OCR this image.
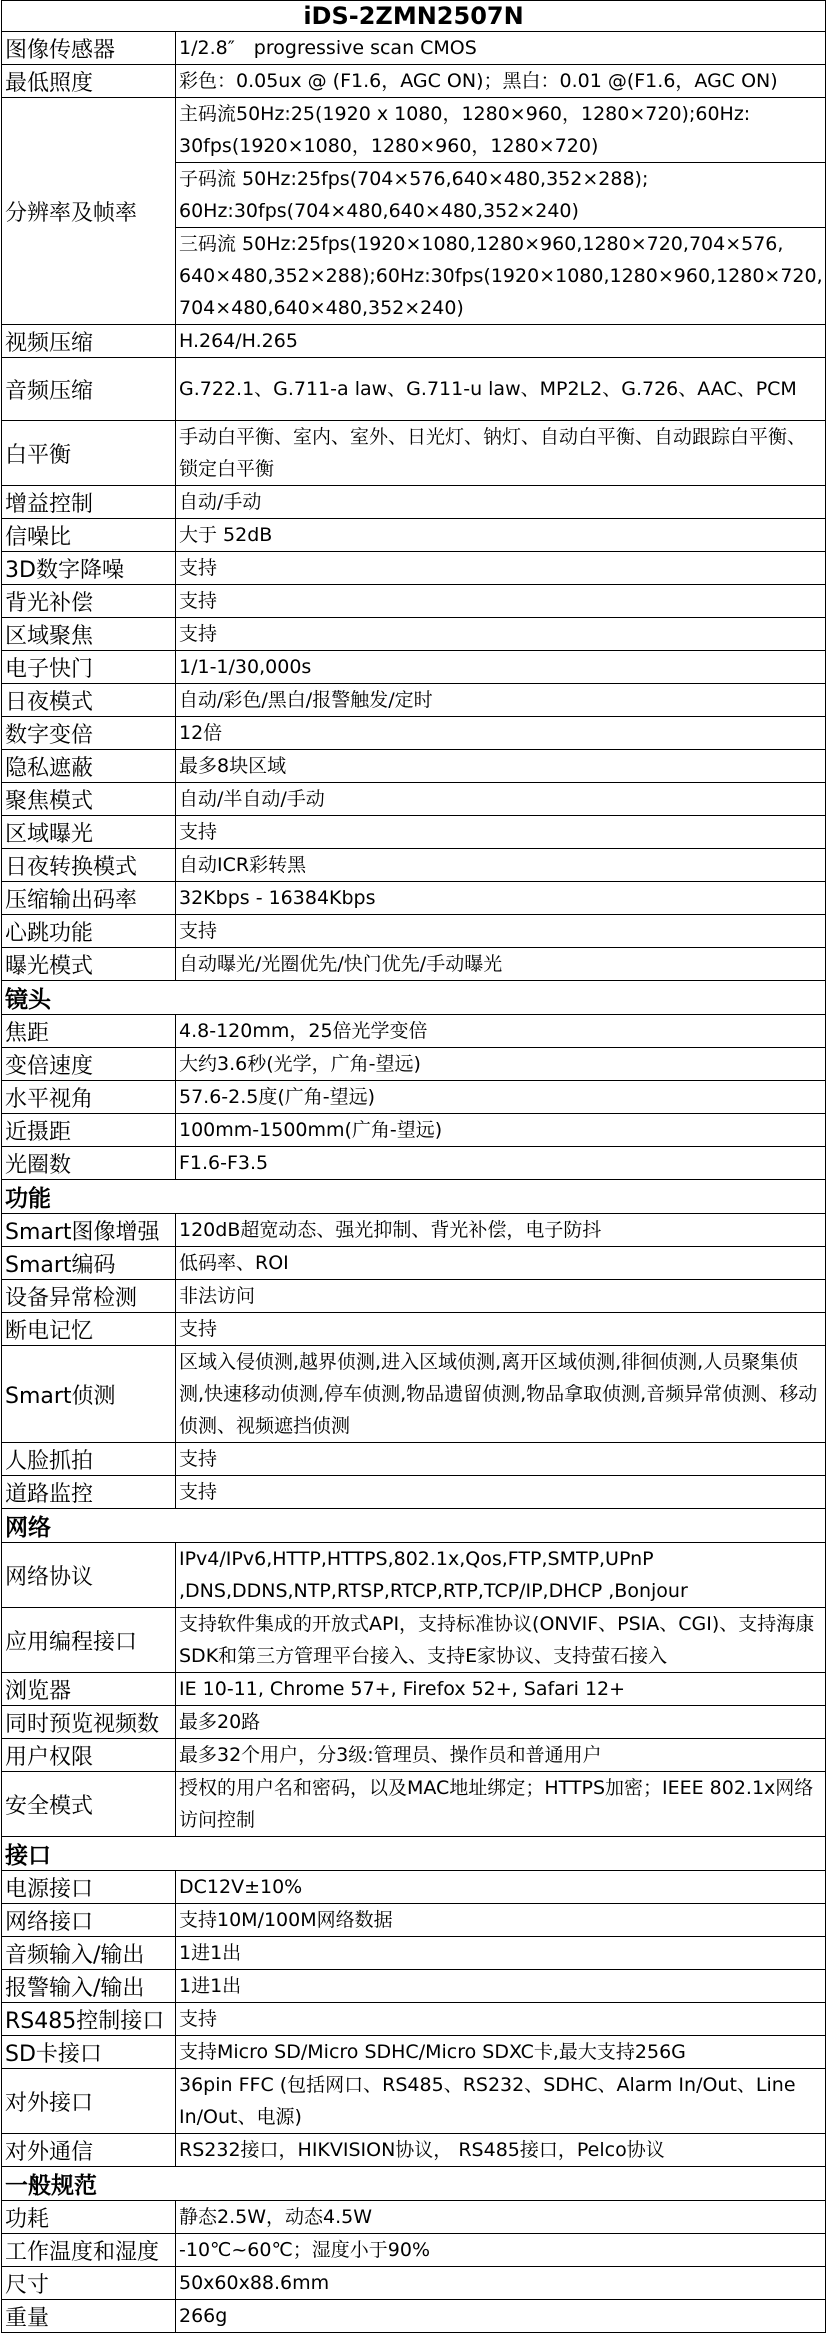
iDS-2ZMN2507N	
图像传感器	1/2.8″　progressive scan CMOS
最低照度	彩色：0.05ux @ (F1.6，AGC ON)；黑白：0.01 @(F1.6，AGC ON)
分辨率及帧率	主码流50Hz:25(1920 x 1080，1280×960，1280×720);60Hz: 30fps(1920×1080，1280×960，1280×720)
	子码流 50Hz:25fps(704×576,640×480,352×288); 60Hz:30fps(704×480,640×480,352×240)
	三码流 50Hz:25fps(1920×1080,1280×960,1280×720,704×576, 640×480,352×288);60Hz:30fps(1920×1080,1280×960,1280×720, 704×480,640×480,352×240)
视频压缩	H.264/H.265
音频压缩	G.722.1、G.711-a law、G.711-u law、MP2L2、G.726、AAC、PCM
白平衡	手动白平衡、室内、室外、日光灯、钠灯、自动白平衡、自动跟踪白平衡、锁定白平衡
增益控制	自动/手动
信噪比	大于 52dB
3D数字降噪	支持
背光补偿	支持
区域聚焦	支持
电子快门	1/1-1/30,000s
日夜模式	自动/彩色/黑白/报警触发/定时
数字变倍	12倍
隐私遮蔽	最多8块区域
聚焦模式	自动/半自动/手动
区域曝光	支持
日夜转换模式	自动ICR彩转黑
压缩输出码率	32Kbps - 16384Kbps
心跳功能	支持
曝光模式	自动曝光/光圈优先/快门优先/手动曝光
镜头	
焦距	4.8-120mm，25倍光学变倍
变倍速度	大约3.6秒(光学，广角-望远)
水平视角	57.6-2.5度(广角-望远)
近摄距	100mm-1500mm(广角-望远)
光圈数	F1.6-F3.5
功能	
Smart图像增强	120dB超宽动态、强光抑制、背光补偿，电子防抖
Smart编码	低码率、ROI
设备异常检测	非法访问
断电记忆	支持
Smart侦测	区域入侵侦测,越界侦测,进入区域侦测,离开区域侦测,徘徊侦测,人员聚集侦测,快速移动侦测,停车侦测,物品遗留侦测,物品拿取侦测,音频异常侦测、移动侦测、视频遮挡侦测
人脸抓拍	支持
道路监控	支持
网络	
网络协议	IPv4/IPv6,HTTP,HTTPS,802.1x,Qos,FTP,SMTP,UPnP ,DNS,DDNS,NTP,RTSP,RTCP,RTP,TCP/IP,DHCP ,Bonjour
应用编程接口	支持软件集成的开放式API，支持标准协议(ONVIF、PSIA、CGI)、支持海康SDK和第三方管理平台接入、支持E家协议、支持萤石接入
浏览器	IE 10-11, Chrome 57+, Firefox 52+, Safari 12+
同时预览视频数	最多20路
用户权限	最多32个用户，分3级:管理员、操作员和普通用户
安全模式	授权的用户名和密码，以及MAC地址绑定；HTTPS加密；IEEE 802.1x网络访问控制
接口	
电源接口	DC12V±10%
网络接口	支持10M/100M网络数据
音频输入/输出	1进1出
报警输入/输出	1进1出
RS485控制接口	支持
SD卡接口	支持Micro SD/Micro SDHC/Micro SDXC卡,最大支持256G
对外接口	36pin FFC (包括网口、RS485、RS232、SDHC、Alarm In/Out、Line In/Out、电源)
对外通信	RS232接口，HIKVISION协议， RS485接口，Pelco协议
一般规范	
功耗	静态2.5W，动态4.5W
工作温度和湿度	-10℃~60℃；湿度小于90%
尺寸	50x60x88.6mm
重量	266g
